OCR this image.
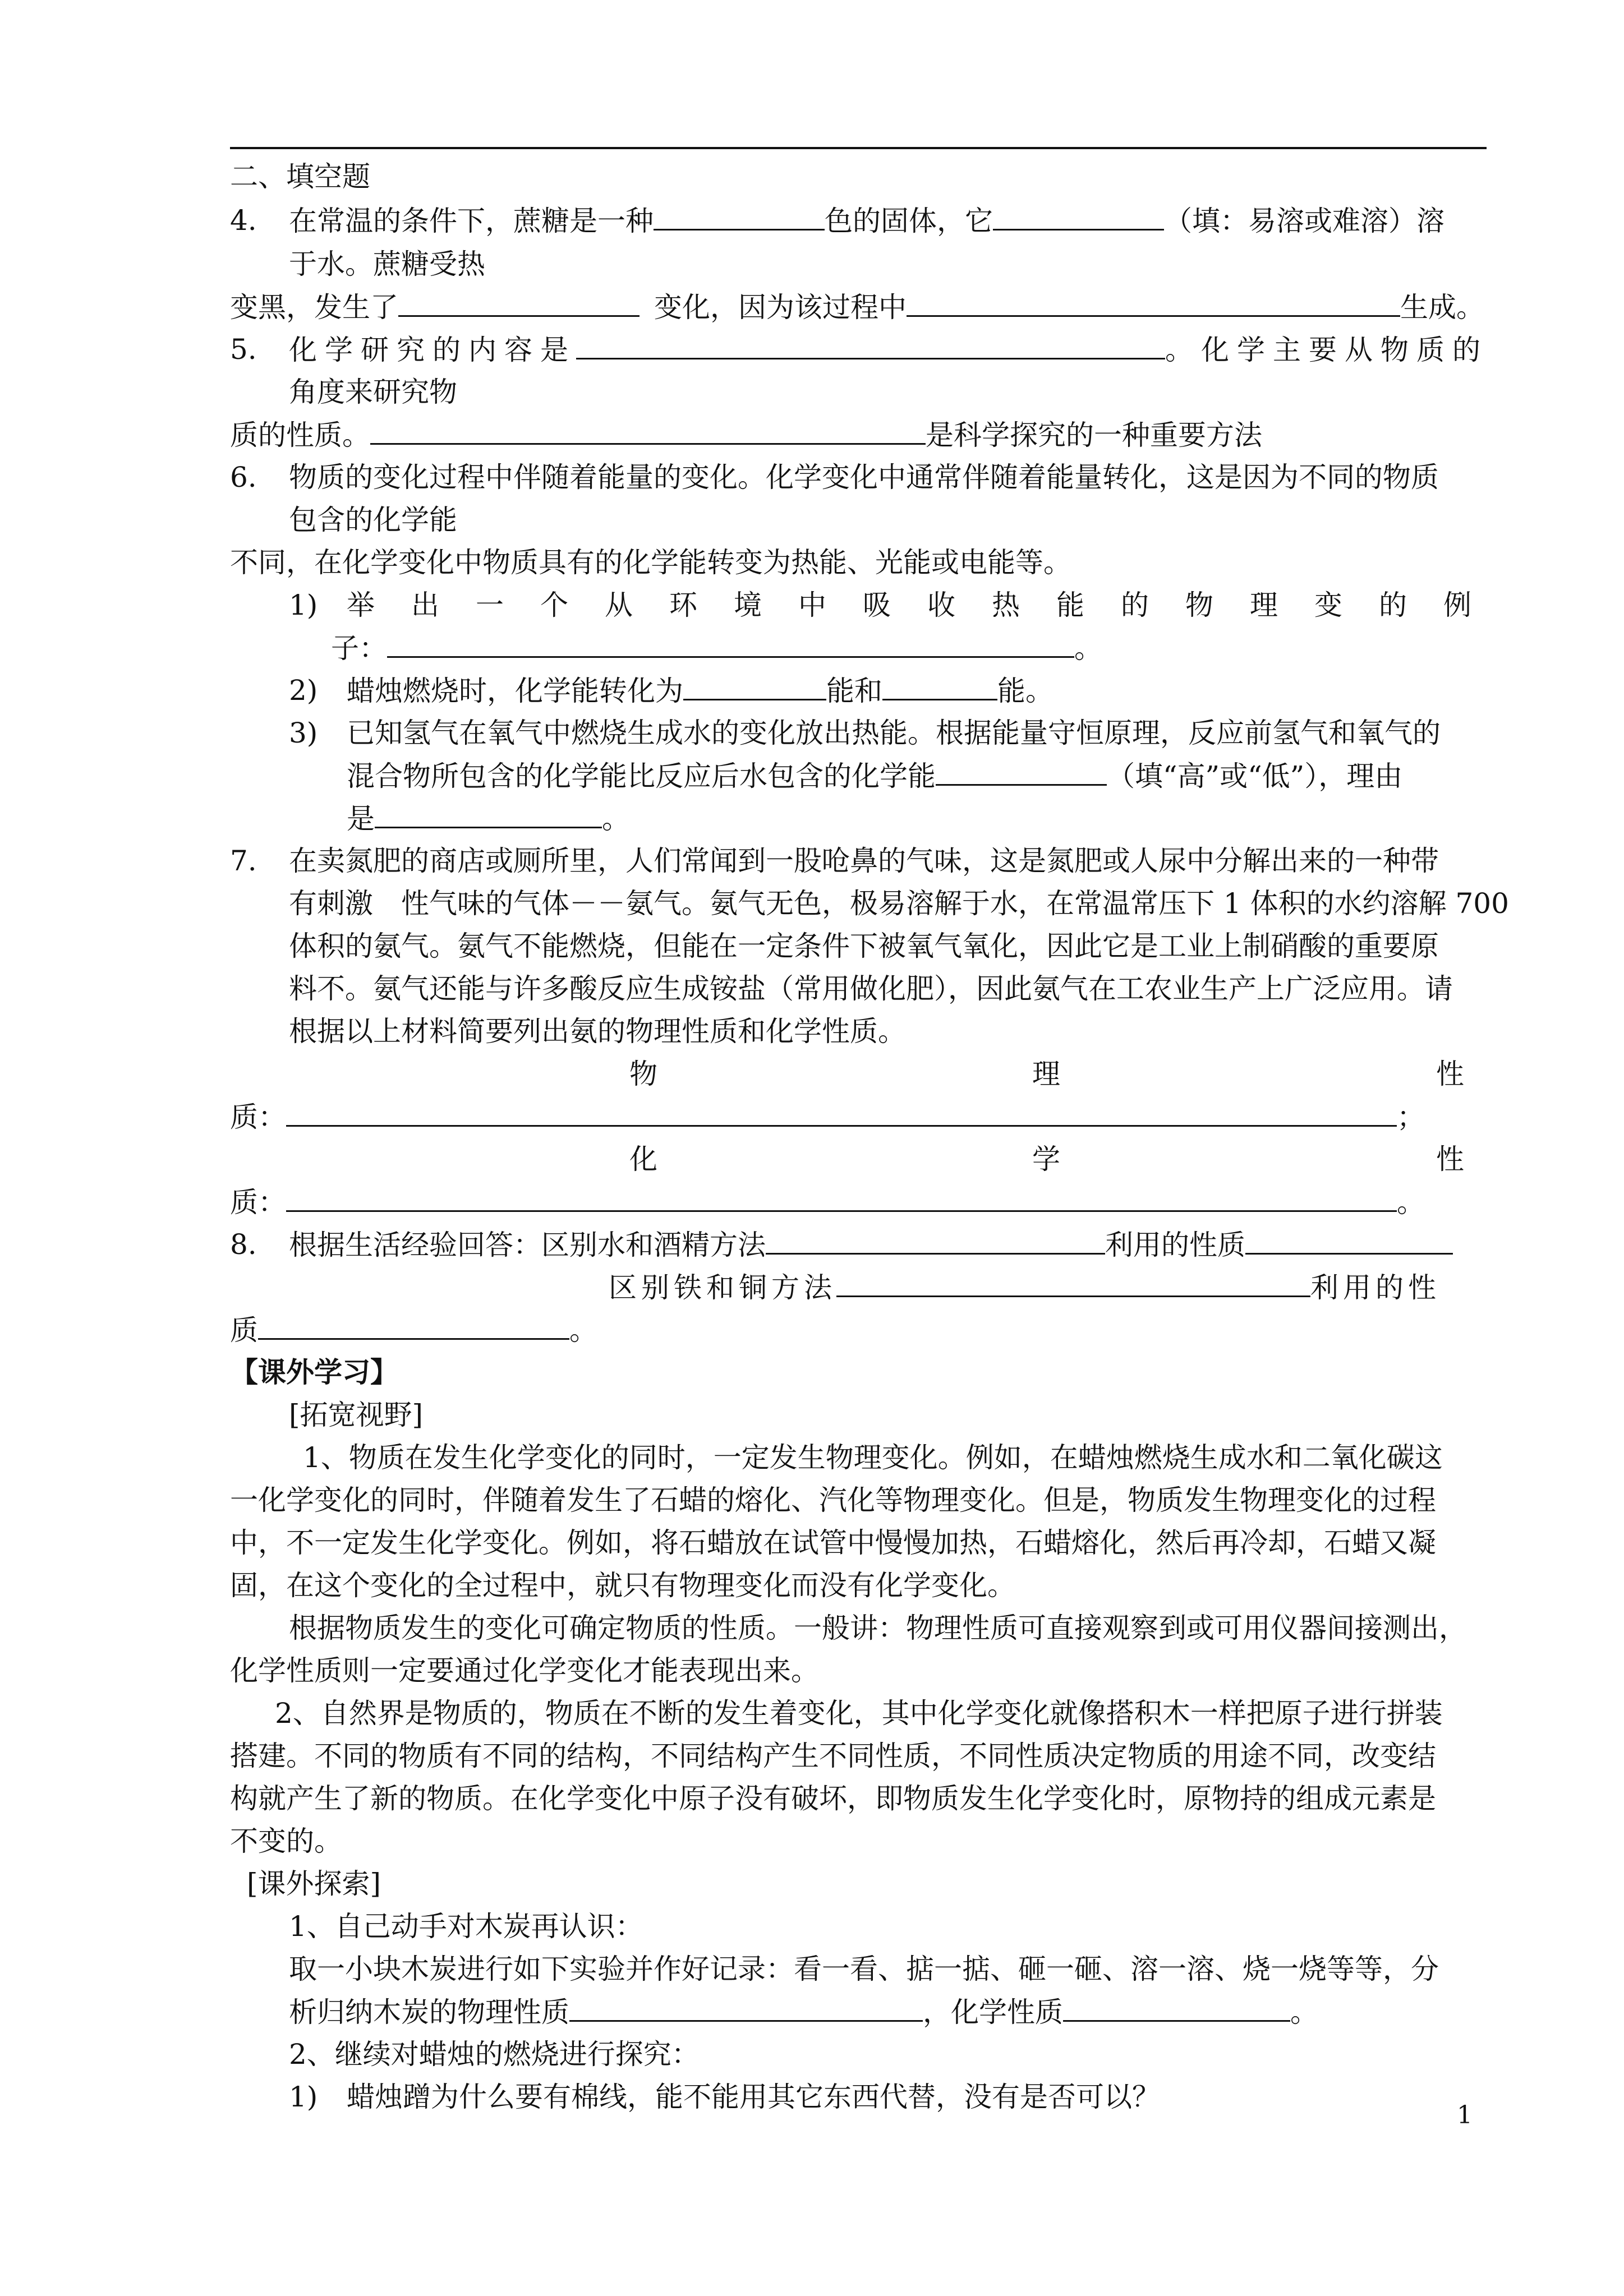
二、填空题
4. 在常温的条件下，蔗糖是一种	色的固体，它	（填：易溶或难溶）溶
于水。蔗糖受热
变黑，发生了	变化，因为该过程中	生成。
5. 化学研究的内容是	。化学主要从物质的
角度来研究物
质的性质。	是科学探究的一种重要方法
6. 物质的变化过程中伴随着能量的变化。化学变化中通常伴随着能量转化，这是因为不同的物质
包含的化学能
不同，在化学变化中物质具有的化学能转变为热能、光能或电能等。
1) 举出一个从环境中吸收热能的物理变的例
子：	。
2) 蜡烛燃烧时，化学能转化为	能和	能。
3) 已知氢气在氧气中燃烧生成水的变化放出热能。根据能量守恒原理，反应前氢气和氧气的
混合物所包含的化学能比反应后水包含的化学能	（填“高”或“低”），理由
是	。
7. 在卖氮肥的商店或厕所里，人们常闻到一股呛鼻的气味，这是氮肥或人尿中分解出来的一种带
有刺激　性气味的气体－－氨气。氨气无色，极易溶解于水，在常温常压下 1 体积的水约溶解 700
体积的氨气。氨气不能燃烧，但能在一定条件下被氧气氧化，因此它是工业上制硝酸的重要原
料不。氨气还能与许多酸反应生成铵盐（常用做化肥），因此氨气在工农业生产上广泛应用。请
根据以上材料简要列出氨的物理性质和化学性质。
物	理	性
质：	；
化	学	性
质：	。
8. 根据生活经验回答：区别水和酒精方法	利用的性质
区别铁和铜方法	利用的性
质	。
【课外学习】
[拓宽视野]
1、物质在发生化学变化的同时，一定发生物理变化。例如，在蜡烛燃烧生成水和二氧化碳这
一化学变化的同时，伴随着发生了石蜡的熔化、汽化等物理变化。但是，物质发生物理变化的过程
中，不一定发生化学变化。例如，将石蜡放在试管中慢慢加热，石蜡熔化，然后再冷却，石蜡又凝
固，在这个变化的全过程中，就只有物理变化而没有化学变化。
根据物质发生的变化可确定物质的性质。一般讲：物理性质可直接观察到或可用仪器间接测出，
化学性质则一定要通过化学变化才能表现出来。
2、自然界是物质的，物质在不断的发生着变化，其中化学变化就像搭积木一样把原子进行拼装
搭建。不同的物质有不同的结构，不同结构产生不同性质，不同性质决定物质的用途不同，改变结
构就产生了新的物质。在化学变化中原子没有破坏，即物质发生化学变化时，原物持的组成元素是
不变的。
[课外探索]
1、自己动手对木炭再认识：
取一小块木炭进行如下实验并作好记录：看一看、掂一掂、砸一砸、溶一溶、烧一烧等等，分
析归纳木炭的物理性质	，化学性质	。
2、继续对蜡烛的燃烧进行探究：
1) 蜡烛蹭为什么要有棉线，能不能用其它东西代替，没有是否可以？
1
